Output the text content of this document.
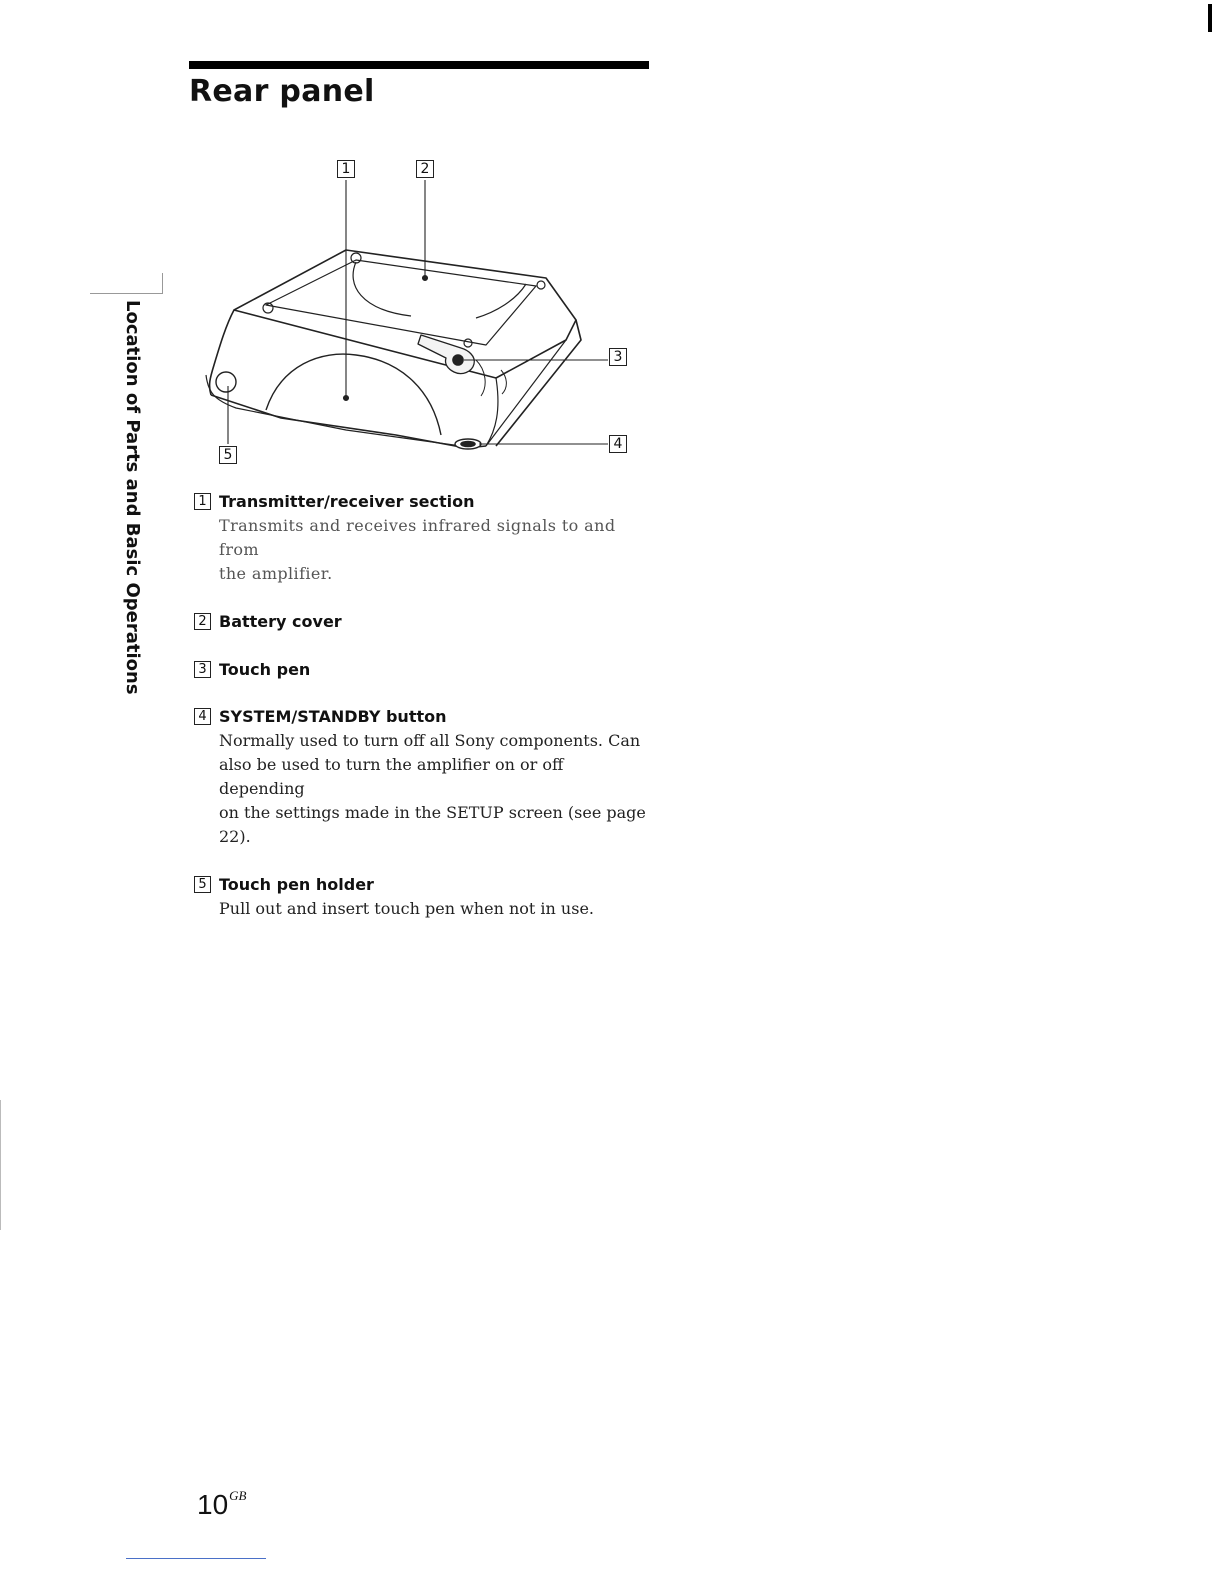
Rear panel
Location of Parts and Basic Operations
1	2
3
4
5
1 Transmitter/receiver section
Transmits and receives infrared signals to and from
the amplifier.
2 Battery cover
3 Touch pen
4 SYSTEM/STANDBY button
Normally used to turn off all Sony components. Can
also be used to turn the amplifier on or off depending
on the settings made in the SETUP screen (see page
22).
5 Touch pen holder
Pull out and insert touch pen when not in use.
$10^{GB}$
